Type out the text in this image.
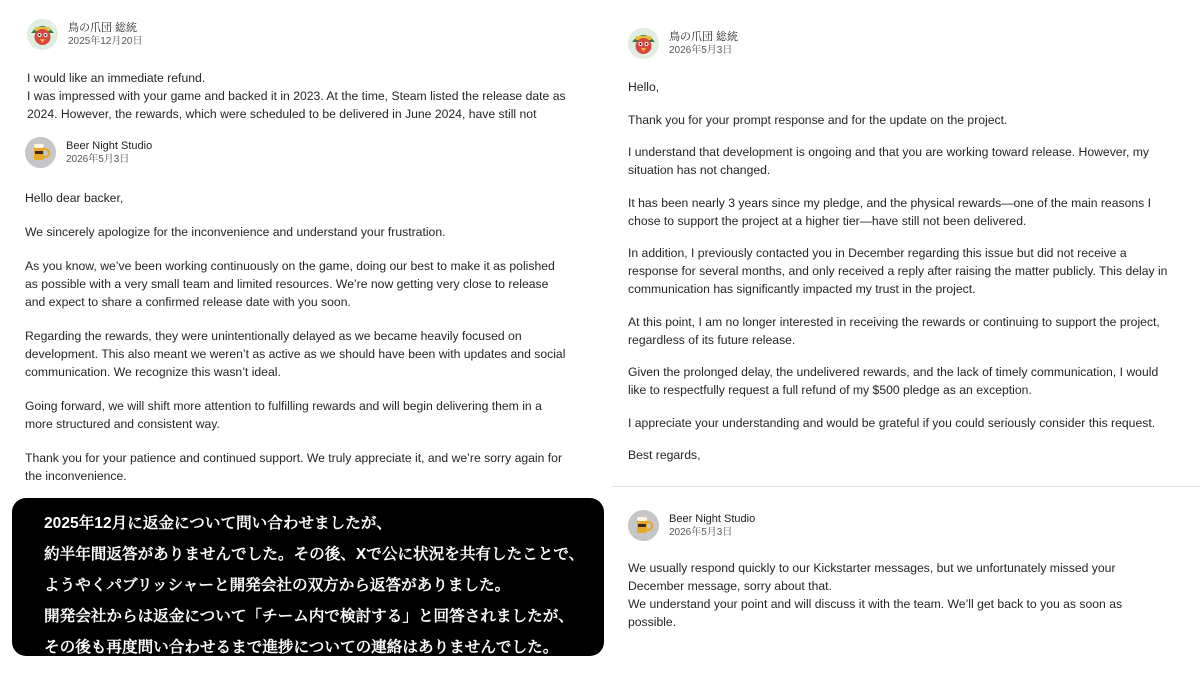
鳥の爪団 総統
2025年12月20日

I would like an immediate refund.

I was impressed with your game and backed it in 2023. At the time, Steam listed the release date as

2024. However, the rewards, which were scheduled to be delivered in June 2024, have still not

Beer Night Studio
2026年5月3日

Hello dear backer,

We sincerely apologize for the inconvenience and understand your frustration.

As you know, we’ve been working continuously on the game, doing our best to make it as polished
as possible with a very small team and limited resources. We’re now getting very close to release
and expect to share a confirmed release date with you soon.

Regarding the rewards, they were unintentionally delayed as we became heavily focused on
development. This also meant we weren’t as active as we should have been with updates and social
communication. We recognize this wasn’t ideal.

Going forward, we will shift more attention to fulfilling rewards and will begin delivering them in a
more structured and consistent way.

Thank you for your patience and continued support. We truly appreciate it, and we’re sorry again for
the inconvenience.

鳥の爪団 総統
2026年5月3日

Hello,

Thank you for your prompt response and for the update on the project.

I understand that development is ongoing and that you are working toward release. However, my
situation has not changed.

It has been nearly 3 years since my pledge, and the physical rewards—one of the main reasons I
chose to support the project at a higher tier—have still not been delivered.

In addition, I previously contacted you in December regarding this issue but did not receive a
response for several months, and only received a reply after raising the matter publicly. This delay in
communication has significantly impacted my trust in the project.

At this point, I am no longer interested in receiving the rewards or continuing to support the project,
regardless of its future release.

Given the prolonged delay, the undelivered rewards, and the lack of timely communication, I would
like to respectfully request a full refund of my $500 pledge as an exception.

I appreciate your understanding and would be grateful if you could seriously consider this request.

Best regards,

Beer Night Studio
2026年5月3日

We usually respond quickly to our Kickstarter messages, but we unfortunately missed your

December message, sorry about that.

We understand your point and will discuss it with the team. We’ll get back to you as soon as

possible.

2025年12月に返金について問い合わせましたが、

約半年間返答がありませんでした。その後、Xで公に状況を共有したことで、

ようやくパブリッシャーと開発会社の双方から返答がありました。

開発会社からは返金について「チーム内で検討する」と回答されましたが、

その後も再度問い合わせるまで進捗についての連絡はありませんでした。
